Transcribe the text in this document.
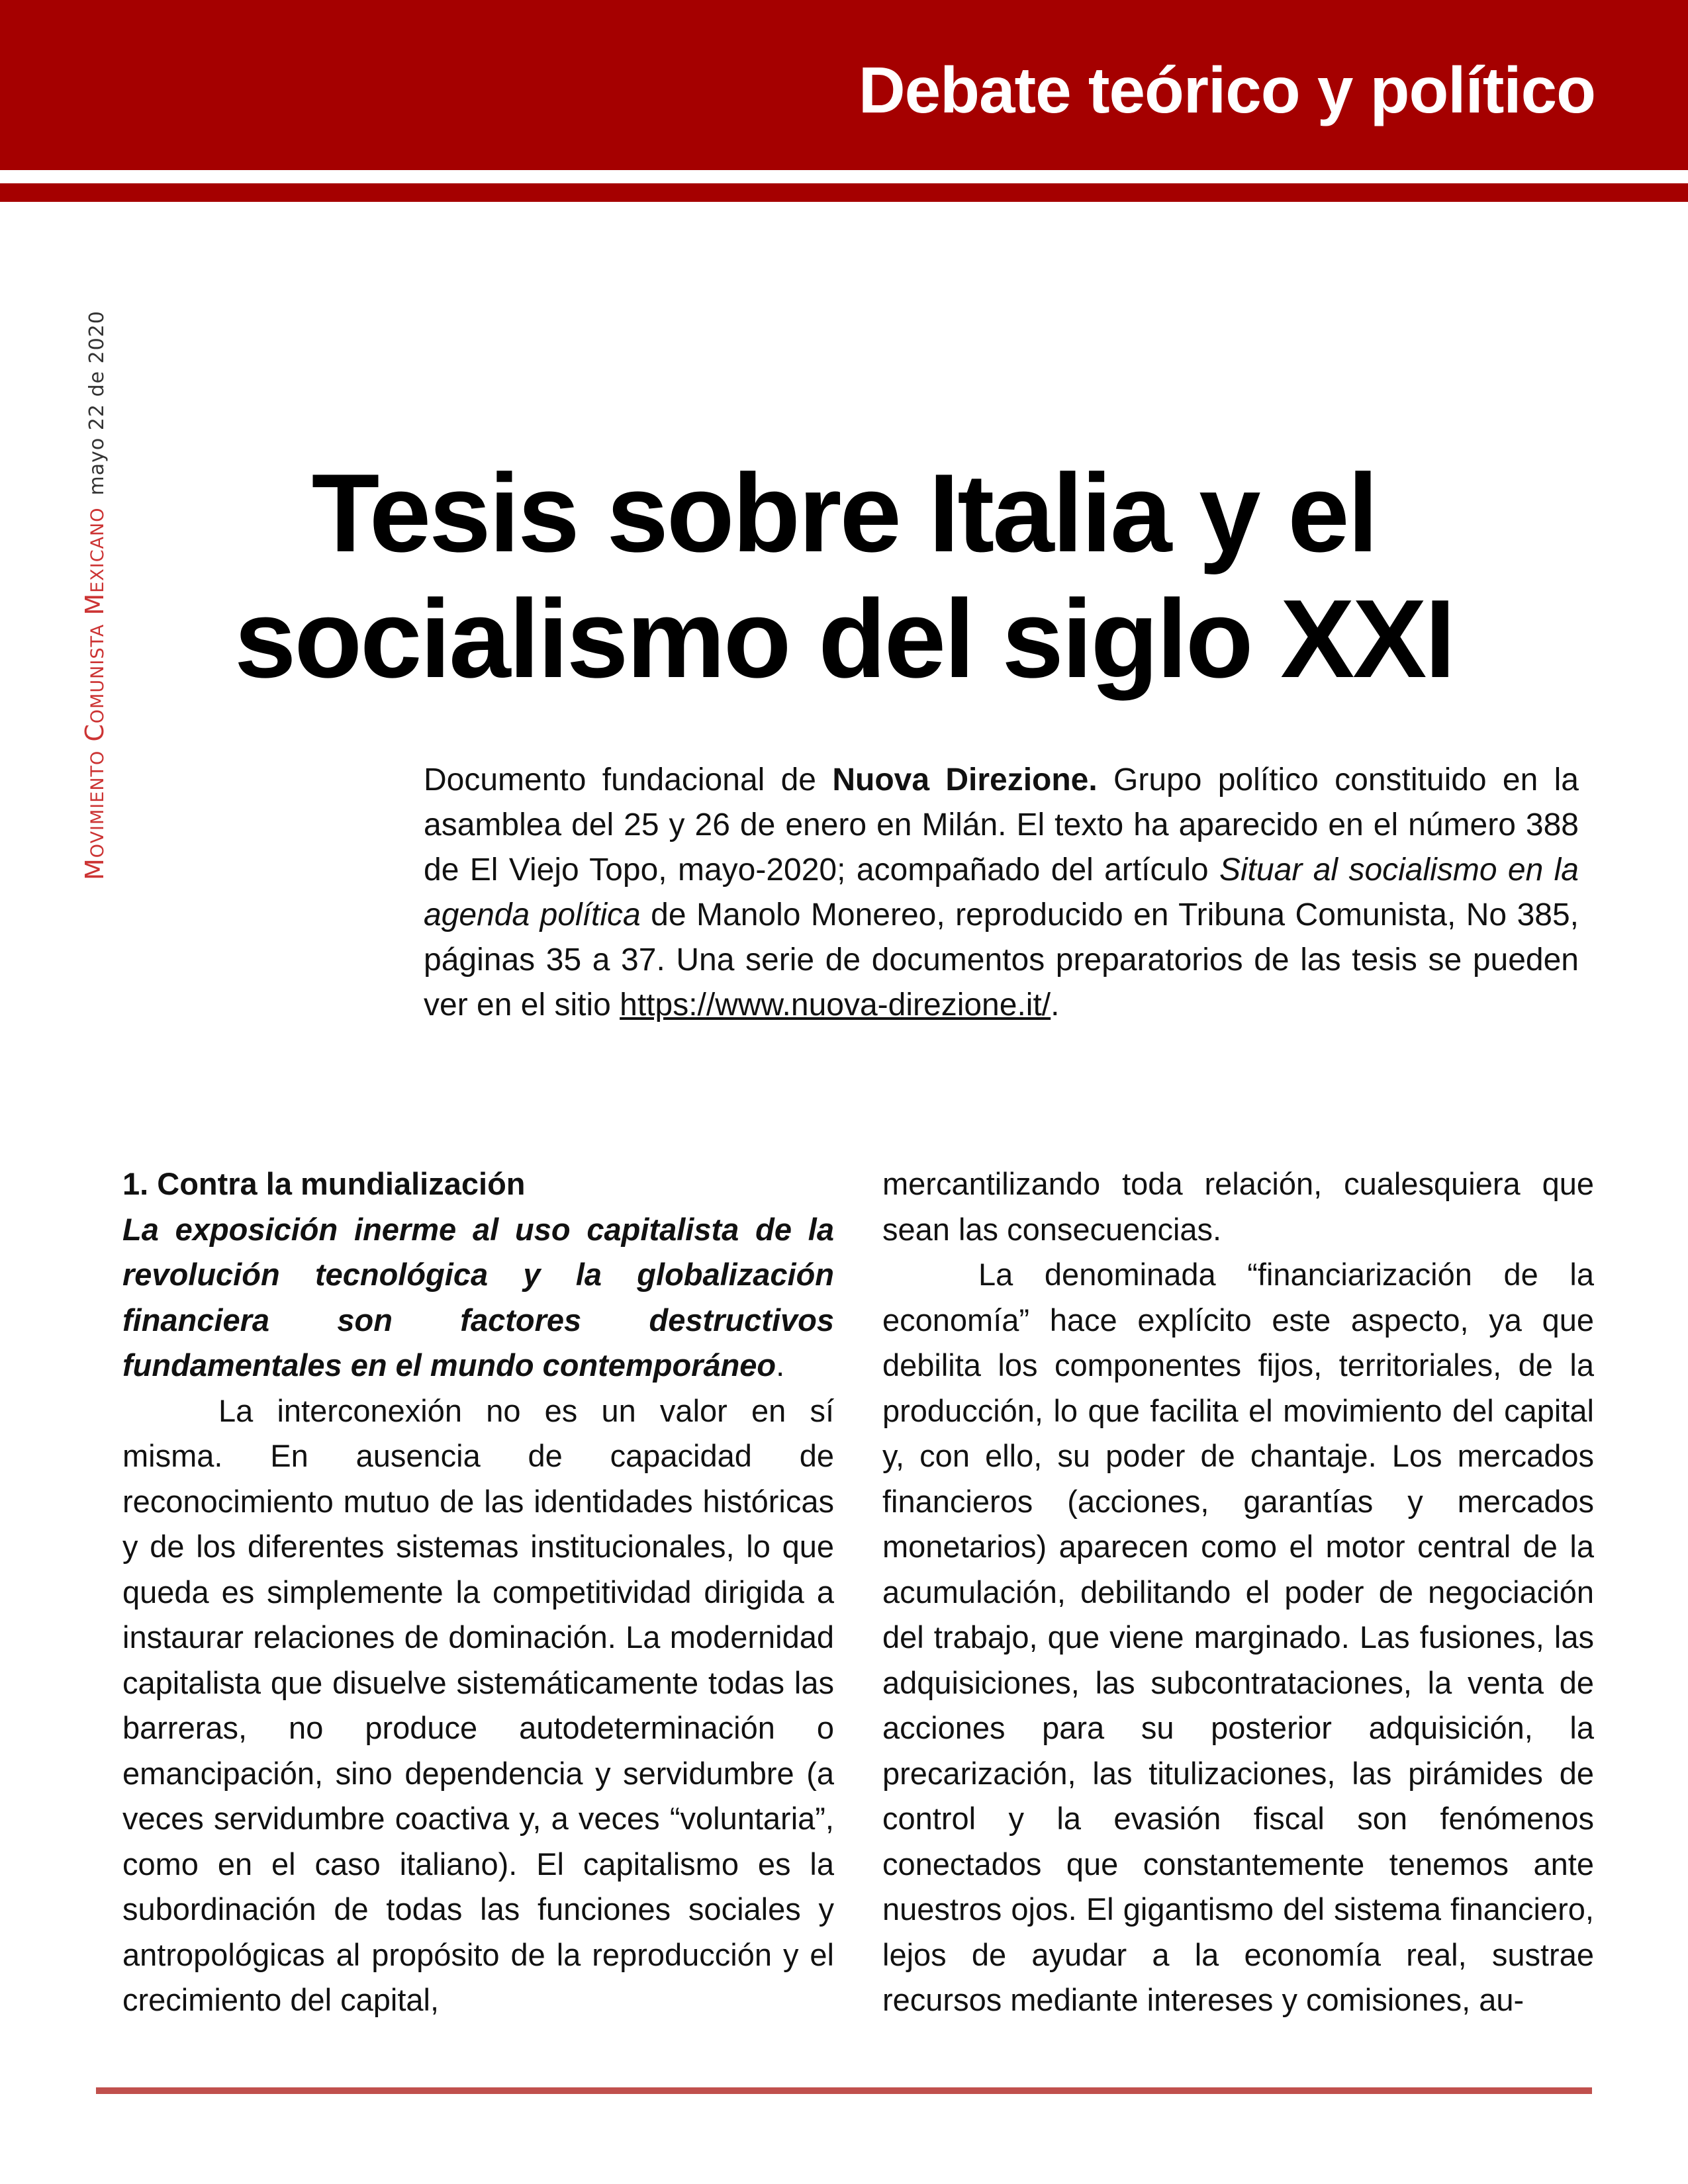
Debate teórico y político
Movimiento Comunista Mexicanomayo 22 de 2020
Tesis sobre Italia y el
socialismo del siglo XXI
Documento fundacional de Nuova Direzione. Grupo político constituido en la asamblea del 25 y 26 de enero en Milán. El texto ha aparecido en el número 388 de El Viejo Topo, mayo-2020; acompañado del artículo Situar al socialismo en la agenda política de Manolo Monereo, reproducido en Tribuna Comunista, No 385, páginas 35 a 37. Una serie de documentos preparatorios de las tesis se pueden ver en el sitio https://www.nuova-direzione.it/.

1. Contra la mundialización

La exposición inerme al uso capitalista de la revolución tecnológica y la globalización financiera son factores destructivos fundamentales en el mundo contemporáneo.

La interconexión no es un valor en sí misma. En ausencia de capacidad de reconocimiento mutuo de las identidades históricas y de los diferentes sistemas institucionales, lo que queda es simplemente la competitividad dirigida a instaurar relaciones de dominación. La modernidad capitalista que disuelve sistemáticamente todas las barreras, no produce autodeterminación o emancipación, sino dependencia y servidumbre (a veces servidumbre coactiva y, a veces “voluntaria”, como en el caso italiano). El capitalismo es la subordinación de todas las funciones sociales y antropológicas al propósito de la reproducción y el crecimiento del capital,

mercantilizando toda relación, cualesquiera que sean las consecuencias.

La denominada “financiarización de la economía” hace explícito este aspecto, ya que debilita los componentes fijos, territoriales, de la producción, lo que facilita el movimiento del capital y, con ello, su poder de chantaje. Los mercados financieros (acciones, garantías y mercados monetarios) aparecen como el motor central de la acumulación, debilitando el poder de negociación del trabajo, que viene marginado. Las fusiones, las adquisiciones, las subcontrataciones, la venta de acciones para su posterior adquisición, la precarización, las titulizaciones, las pirámides de control y la evasión fiscal son fenómenos conectados que constantemente tenemos ante nuestros ojos. El gigantismo del sistema financiero, lejos de ayudar a la economía real, sustrae recursos mediante intereses y comisiones, au-
